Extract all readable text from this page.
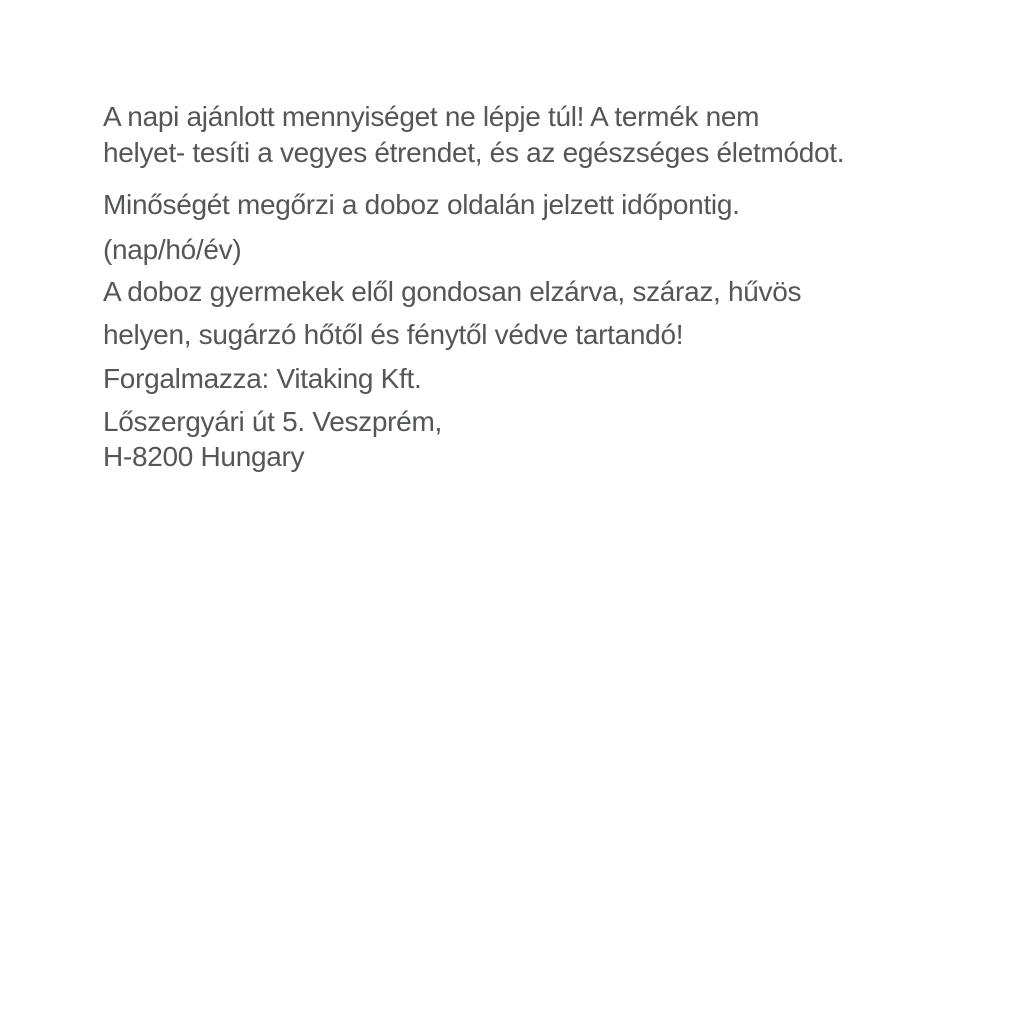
A napi ajánlott mennyiséget ne lépje túl! A termék nem
helyet- tesíti a vegyes étrendet, és az egészséges életmódot.
Minőségét megőrzi a doboz oldalán jelzett időpontig.
(nap/hó/év)
A doboz gyermekek elől gondosan elzárva, száraz, hűvös
helyen, sugárzó hőtől és fénytől védve tartandó!
Forgalmazza: Vitaking Kft.
Lőszergyári út 5. Veszprém,
H-8200 Hungary
